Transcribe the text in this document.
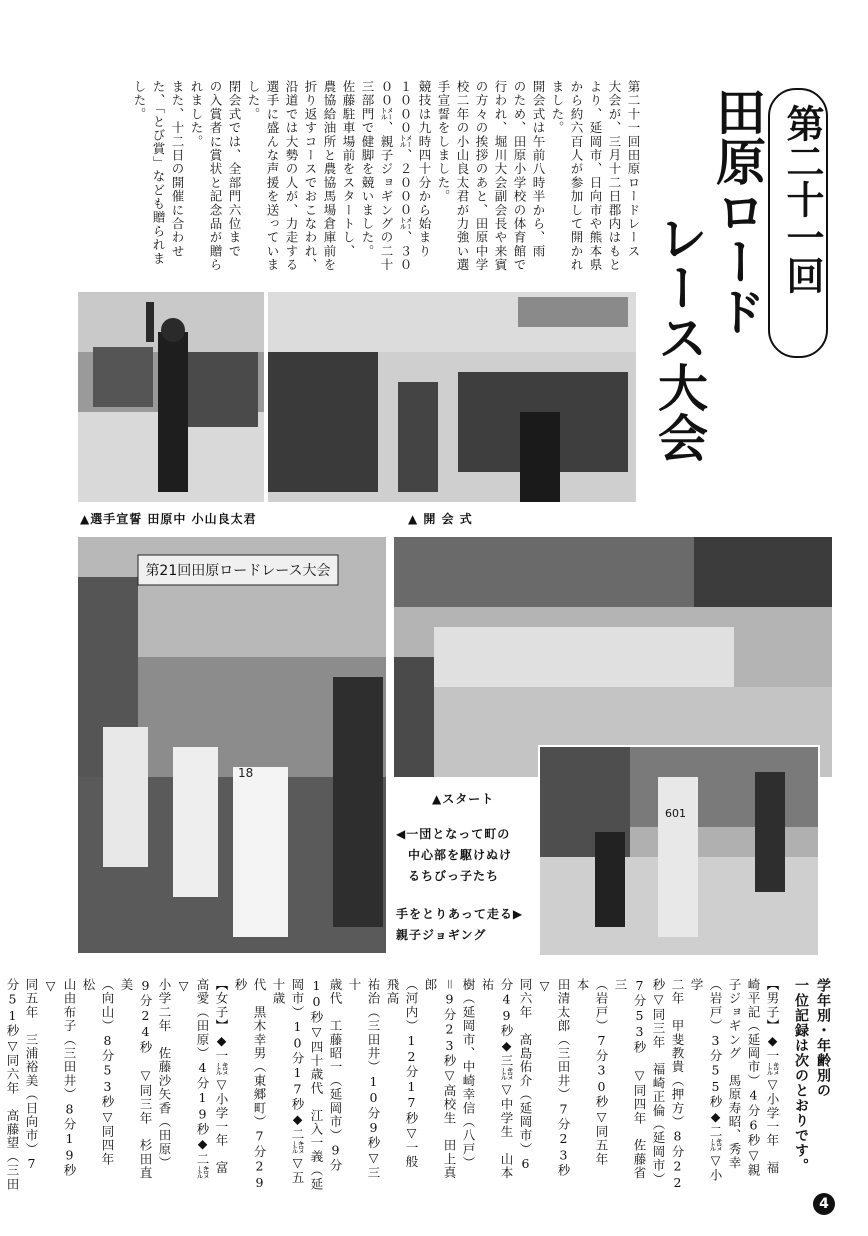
第二十一回
田原ロード
レース大会
第二十一回田原ロードレース
大会が、三月十二日郡内はもと
より、延岡市、日向市や熊本県
から約六百人が参加して開かれ
ました。
開会式は午前八時半から、雨
のため、田原小学校の体育館で
行われ、堀川大会副会長や来賓
の方々の挨拶のあと、田原中学
校二年の小山良太君が力強い選
手宣誓をしました。
競技は九時四十分から始まり
１０００㍍、２０００㍍、３０
００㍍、親子ジョギングの二十
三部門で健脚を競いました。
佐藤駐車場前をスタートし、
農協給油所と農協馬場倉庫前を
折り返すコースでおこなわれ、
沿道では大勢の人が、力走する
選手に盛んな声援を送っていま
した。
閉会式では、全部門六位まで
の入賞者に賞状と記念品が贈ら
れました。
また、十二日の開催に合わせ
た、「とび賞」なども贈られま
した。
▲選手宣誓 田原中 小山良太君	▲ 開 会 式
第21回田原ロードレース大会
18
601
▲スタート
◀一団となって町の
中心部を駆けぬけ
るちびっ子たち
手をとりあって走る▶
親子ジョギング
学年別・年齢別の
一位記録は次のとおりです。
【男子】◆一㌖▽小学一年　福
崎平記（延岡市）4分6秒▽親
子ジョギング　馬原寿昭、秀幸
（岩戸）3分55秒◆二㌖▽小学
二年　甲斐教貴（押方）8分22
秒▽同三年　福崎正倫（延岡市）
7分53秒　▽同四年　佐藤省三
（岩戸）7分30秒▽同五年　本
田清太郎（三田井）7分23秒▽
同六年　高島佑介（延岡市）6
分49秒◆三㌖▽中学生　山本祐
樹（延岡市、中崎幸信（八戸）
＝9分23秒▽高校生　田上真郎
（河内）12分17秒▽一般　飛高
祐治（三田井）10分9秒▽三十
歳代　工藤昭一（延岡市）9分
10秒▽四十歳代　江入一義（延
岡市）10分17秒◆二㌖▽五十歳
代　黒木幸男（東郷町）7分29
秒
【女子】◆一㌖▽小学一年　富
高愛（田原）4分19秒◆二㌖▽
小学二年　佐藤沙矢香（田原）
9分24秒　▽同三年　杉田直美
（向山）8分53秒▽同四年　松
山由布子（三田井）8分19秒▽
同五年　三浦裕美（日向市）7
分51秒▽同六年　高藤望（三田

4
